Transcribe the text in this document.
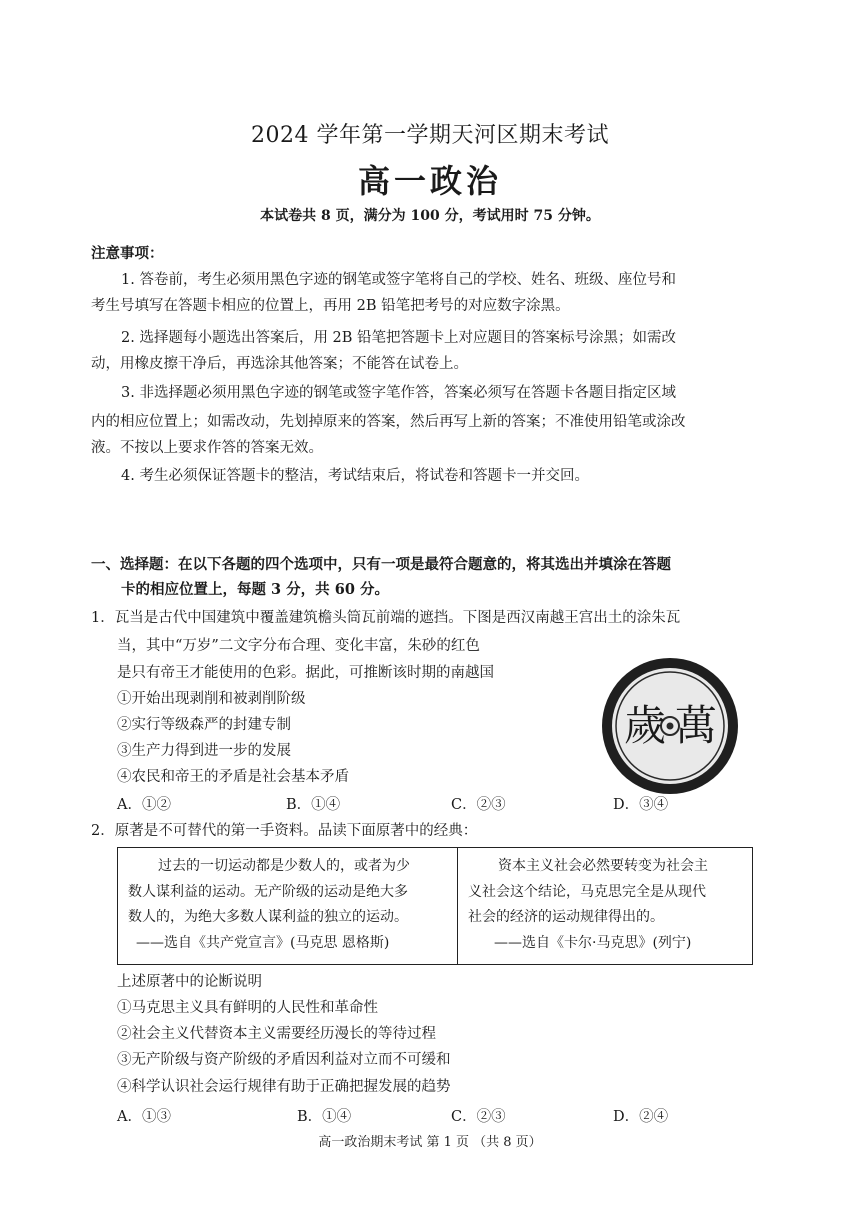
2024 学年第一学期天河区期末考试
高一政治
本试卷共 8 页，满分为 100 分，考试用时 75 分钟。
注意事项：
1. 答卷前，考生必须用黑色字迹的钢笔或签字笔将自己的学校、姓名、班级、座位号和
考生号填写在答题卡相应的位置上，再用 2B 铅笔把考号的对应数字涂黑。
2. 选择题每小题选出答案后，用 2B 铅笔把答题卡上对应题目的答案标号涂黑；如需改
动，用橡皮擦干净后，再选涂其他答案；不能答在试卷上。
3. 非选择题必须用黑色字迹的钢笔或签字笔作答，答案必须写在答题卡各题目指定区域
内的相应位置上；如需改动，先划掉原来的答案，然后再写上新的答案；不准使用铅笔或涂改
液。不按以上要求作答的答案无效。
4. 考生必须保证答题卡的整洁，考试结束后，将试卷和答题卡一并交回。
一、选择题：在以下各题的四个选项中，只有一项是最符合题意的，将其选出并填涂在答题
卡的相应位置上，每题 3 分，共 60 分。
1．瓦当是古代中国建筑中覆盖建筑檐头筒瓦前端的遮挡。下图是西汉南越王宫出土的涂朱瓦
当，其中“万岁”二文字分布合理、变化丰富，朱砂的红色
是只有帝王才能使用的色彩。据此，可推断该时期的南越国
①开始出现剥削和被剥削阶级
②实行等级森严的封建专制
③生产力得到进一步的发展
④农民和帝王的矛盾是社会基本矛盾
A．①②	B．①④	C．②③	D．③④
萬
歲
2．原著是不可替代的第一手资料。品读下面原著中的经典：
过去的一切运动都是少数人的，或者为少
数人谋利益的运动。无产阶级的运动是绝大多
数人的，为绝大多数人谋利益的独立的运动。
——选自《共产党宣言》(马克思 恩格斯)
资本主义社会必然要转变为社会主
义社会这个结论，马克思完全是从现代
社会的经济的运动规律得出的。
——选自《卡尔·马克思》(列宁)
上述原著中的论断说明
①马克思主义具有鲜明的人民性和革命性
②社会主义代替资本主义需要经历漫长的等待过程
③无产阶级与资产阶级的矛盾因利益对立而不可缓和
④科学认识社会运行规律有助于正确把握发展的趋势
A．①③	B．①④	C．②③	D．②④
高一政治期末考试 第 1 页 （共 8 页）
